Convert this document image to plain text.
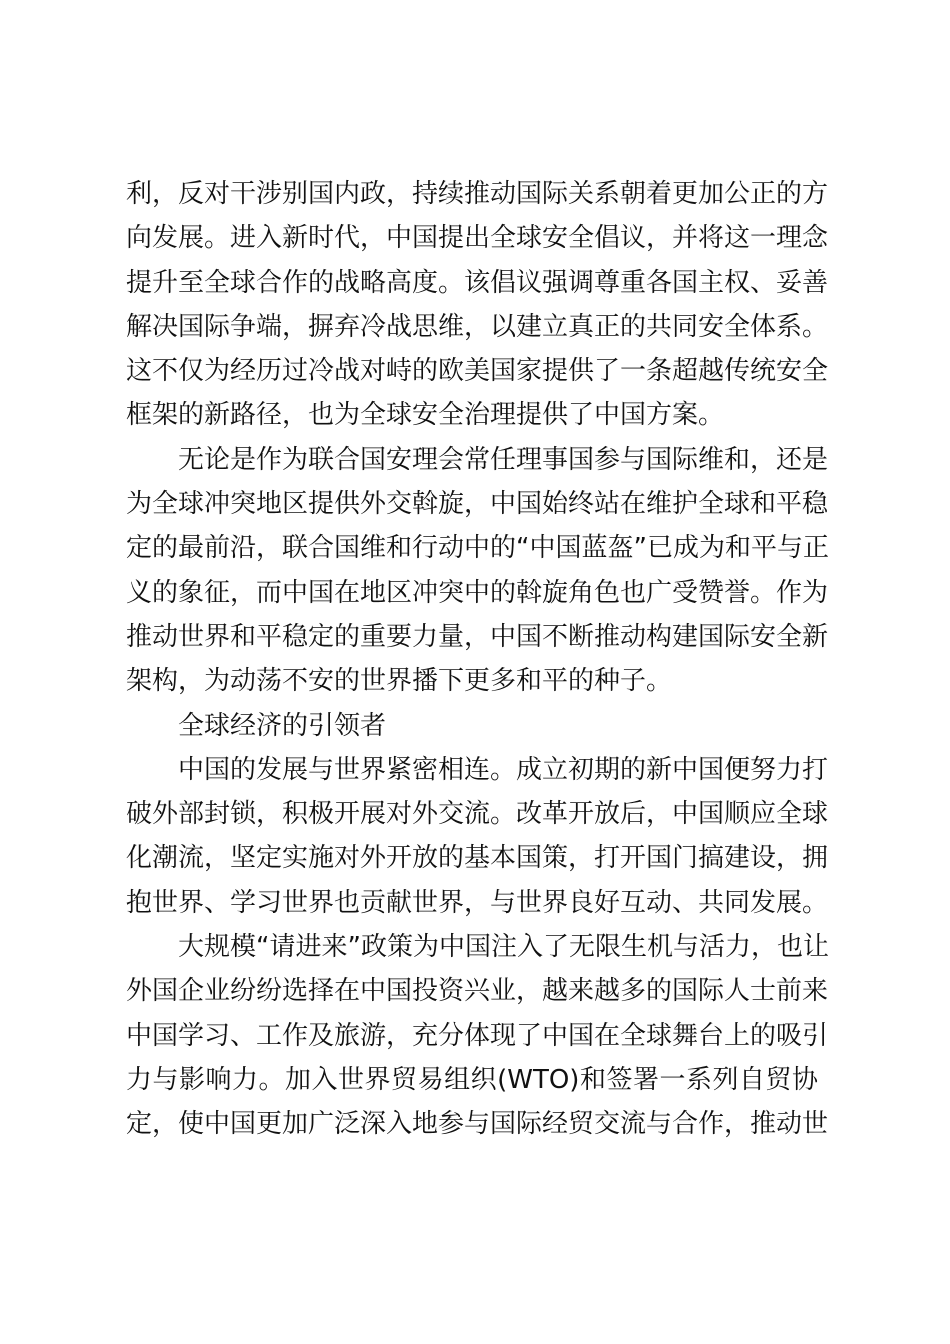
利，反对干涉别国内政，持续推动国际关系朝着更加公正的方
向发展。进入新时代，中国提出全球安全倡议，并将这一理念
提升至全球合作的战略高度。该倡议强调尊重各国主权、妥善
解决国际争端，摒弃冷战思维，以建立真正的共同安全体系。
这不仅为经历过冷战对峙的欧美国家提供了一条超越传统安全
框架的新路径，也为全球安全治理提供了中国方案。
无论是作为联合国安理会常任理事国参与国际维和，还是
为全球冲突地区提供外交斡旋，中国始终站在维护全球和平稳
定的最前沿，联合国维和行动中的“中国蓝盔”已成为和平与正
义的象征，而中国在地区冲突中的斡旋角色也广受赞誉。作为
推动世界和平稳定的重要力量，中国不断推动构建国际安全新
架构，为动荡不安的世界播下更多和平的种子。
全球经济的引领者
中国的发展与世界紧密相连。成立初期的新中国便努力打
破外部封锁，积极开展对外交流。改革开放后，中国顺应全球
化潮流，坚定实施对外开放的基本国策，打开国门搞建设，拥
抱世界、学习世界也贡献世界，与世界良好互动、共同发展。
大规模“请进来”政策为中国注入了无限生机与活力，也让
外国企业纷纷选择在中国投资兴业，越来越多的国际人士前来
中国学习、工作及旅游，充分体现了中国在全球舞台上的吸引
力与影响力。加入世界贸易组织(WTO)和签署一系列自贸协
定，使中国更加广泛深入地参与国际经贸交流与合作，推动世
